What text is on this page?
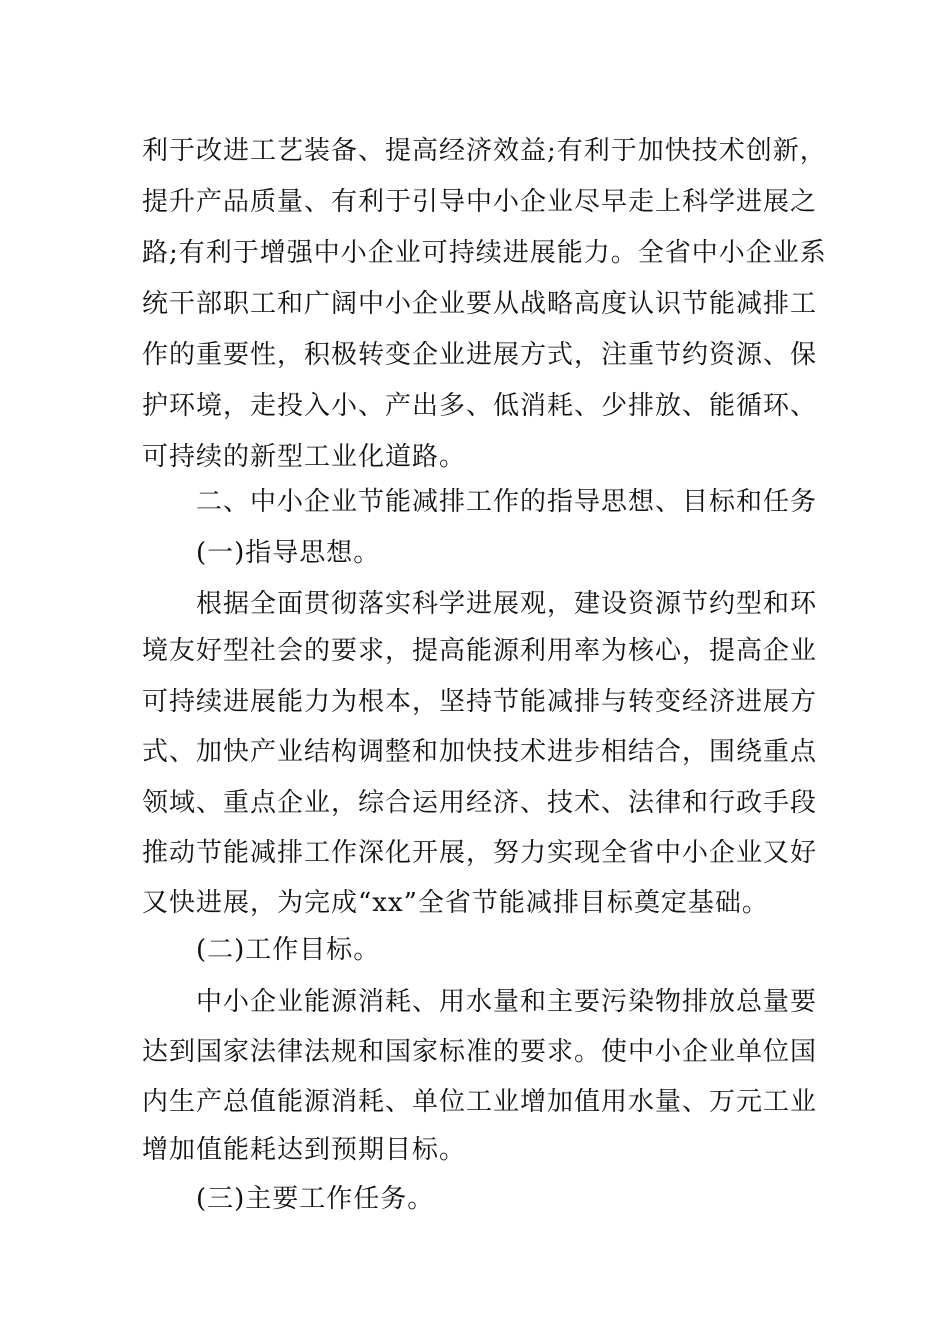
利于改进工艺装备、提高经济效益;有利于加快技术创新，
提升产品质量、有利于引导中小企业尽早走上科学进展之
路;有利于增强中小企业可持续进展能力。全省中小企业系
统干部职工和广阔中小企业要从战略高度认识节能减排工
作的重要性，积极转变企业进展方式，注重节约资源、保
护环境，走投入小、产出多、低消耗、少排放、能循环、
可持续的新型工业化道路。
二、中小企业节能减排工作的指导思想、目标和任务
(一)指导思想。
根据全面贯彻落实科学进展观，建设资源节约型和环
境友好型社会的要求，提高能源利用率为核心，提高企业
可持续进展能力为根本，坚持节能减排与转变经济进展方
式、加快产业结构调整和加快技术进步相结合，围绕重点
领域、重点企业，综合运用经济、技术、法律和行政手段
推动节能减排工作深化开展，努力实现全省中小企业又好
又快进展，为完成“xx”全省节能减排目标奠定基础。
(二)工作目标。
中小企业能源消耗、用水量和主要污染物排放总量要
达到国家法律法规和国家标准的要求。使中小企业单位国
内生产总值能源消耗、单位工业增加值用水量、万元工业
增加值能耗达到预期目标。
(三)主要工作任务。
